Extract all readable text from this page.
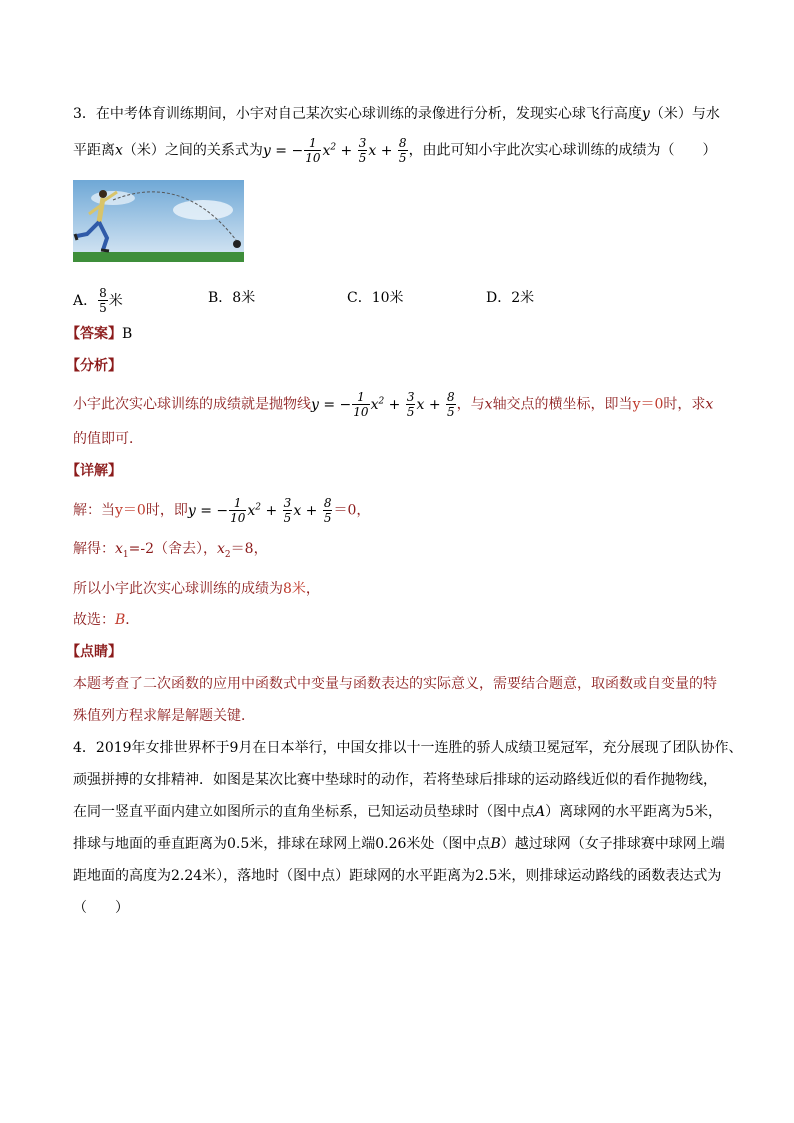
3．在中考体育训练期间，小宇对自己某次实心球训练的录像进行分析，发现实心球飞行高度y（米）与水
平距离x（米）之间的关系式为y = − $\frac{1}{10} x^2 + \frac{3}{5}$ $x + \frac{8}{5}$ ，由此可知小宇此次实心球训练的成绩为（　　）
A． $\frac{8}{5}$ 米	B．8米	C．10米	D．2米
【答案】B
【分析】
小宇此次实心球训练的成绩就是抛物线y = − $\frac{1}{10} x^2 + \frac{3}{5}$ $x + \frac{8}{5}$ ，与x轴交点的横坐标，即当y＝0时，求x
的值即可．
【详解】
解：当y＝0时，即y = − $\frac{1}{10} x^2 + \frac{3}{5}$ $x + \frac{8}{5} =0$，
解得：$x_1=-2$（舍去），$x_2=8$，
所以小宇此次实心球训练的成绩为8米，
故选：B．
【点睛】
本题考查了二次函数的应用中函数式中变量与函数表达的实际意义，需要结合题意，取函数或自变量的特
殊值列方程求解是解题关键．
4．2019年女排世界杯于9月在日本举行，中国女排以十一连胜的骄人成绩卫冕冠军，充分展现了团队协作、
顽强拼搏的女排精神．如图是某次比赛中垫球时的动作，若将垫球后排球的运动路线近似的看作抛物线，
在同一竖直平面内建立如图所示的直角坐标系，已知运动员垫球时（图中点A）离球网的水平距离为5米，
排球与地面的垂直距离为0.5米，排球在球网上端0.26米处（图中点B）越过球网（女子排球赛中球网上端
距地面的高度为2.24米），落地时（图中点）距球网的水平距离为2.5米，则排球运动路线的函数表达式为
（　　）
